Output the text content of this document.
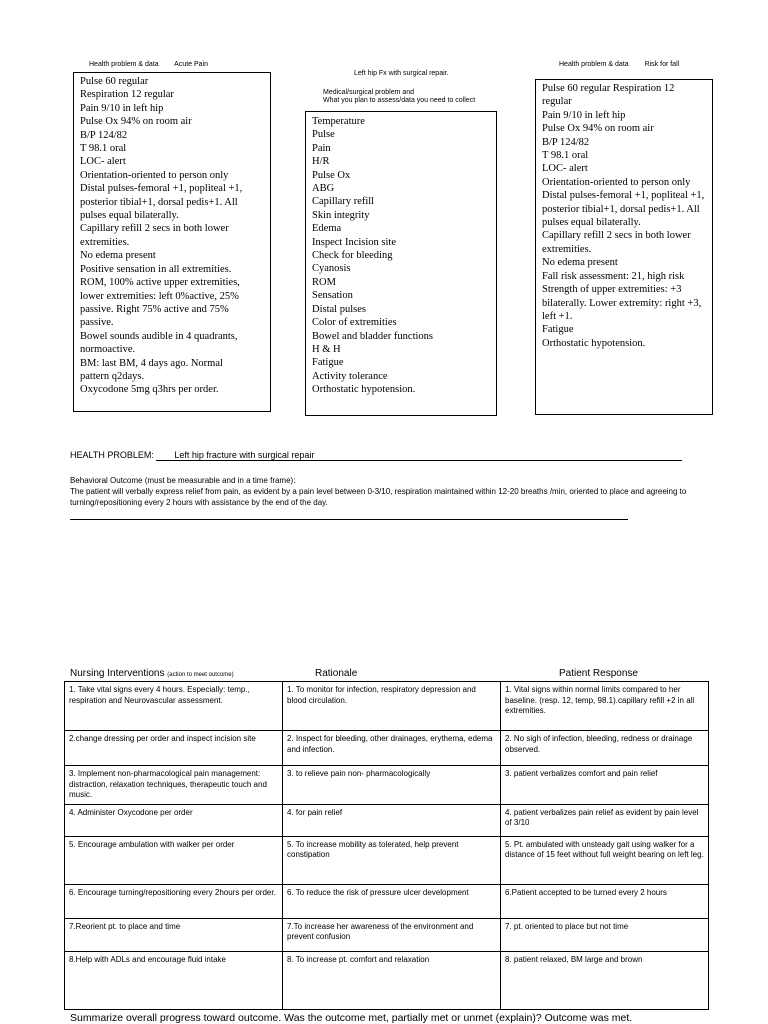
Health problem & data Acute Pain
Left hip Fx with surgical repair.
Medical/surgical problem and
What you plan to assess/data you need to collect
Health problem & data Risk for fall
Pulse 60 regular
Respiration 12 regular
Pain 9/10 in left hip
Pulse Ox 94% on room air
B/P 124/82
T 98.1 oral
LOC- alert
Orientation-oriented to person only
Distal pulses-femoral +1, popliteal +1,
posterior tibial+1, dorsal pedis+1. All
pulses equal bilaterally.
Capillary refill 2 secs in both lower
extremities.
No edema present
Positive sensation in all extremities.
ROM, 100% active upper extremities,
lower extremities: left 0%active, 25%
passive. Right 75% active and 75%
passive.
Bowel sounds audible in 4 quadrants,
normoactive.
BM: last BM, 4 days ago. Normal
pattern q2days.
Oxycodone 5mg q3hrs per order.
Temperature
Pulse
Pain
H/R
Pulse Ox
ABG
Capillary refill
Skin integrity
Edema
Inspect Incision site
Check for bleeding
Cyanosis
ROM
Sensation
Distal pulses
Color of extremities
Bowel and bladder functions
H & H
Fatigue
Activity tolerance
Orthostatic hypotension.
Pulse 60 regular Respiration 12 regular
Pain 9/10 in left hip
Pulse Ox 94% on room air
B/P 124/82
T 98.1 oral
LOC- alert
Orientation-oriented to person only
Distal pulses-femoral +1, popliteal +1, posterior tibial+1, dorsal pedis+1. All pulses equal bilaterally.
Capillary refill 2 secs in both lower extremities.
No edema present
Fall risk assessment: 21, high risk
Strength of upper extremities: +3 bilaterally. Lower extremity: right +3, left +1.
Fatigue
Orthostatic hypotension.
HEALTH PROBLEM: Left hip fracture with surgical repair
Behavioral Outcome (must be measurable and in a time frame):
The patient will verbally express relief from pain, as evident by a pain level between 0-3/10, respiration maintained within 12-20 breaths /min, oriented to place and agreeing to turning/repositioning every 2 hours with assistance by the end of the day.
Nursing Interventions (action to meet outcome)	Rationale	Patient Response
1. Take vital signs every 4 hours. Especially: temp., respiration and Neurovascular assessment.	1. To monitor for infection, respiratory depression and blood circulation.	1. Vital signs within normal limits compared to her baseline. (resp. 12, temp, 98.1).capillary refill +2 in all extremities.
2.change dressing per order and inspect incision site	2. Inspect for bleeding, other drainages, erythema, edema and infection.	2. No sigh of infection, bleeding, redness or drainage observed.
3. Implement non-pharmacological pain management: distraction, relaxation techniques, therapeutic touch and music.	3. to relieve pain non- pharmacologically	3. patient verbalizes comfort and pain relief
4. Administer Oxycodone per order	4. for pain relief	4. patient verbalizes pain relief as evident by pain level of 3/10
5. Encourage ambulation with walker per order	5. To increase mobility as tolerated, help prevent constipation	5. Pt. ambulated with unsteady gait using walker for a distance of 15 feet without full weight bearing on left leg.
6. Encourage turning/repositioning every 2hours per order.	6. To reduce the risk of pressure ulcer development	6.Patient accepted to be turned every 2 hours
7.Reorient pt. to place and time	7.To increase her awareness of the environment and prevent confusion	7. pt. oriented to place but not time
8.Help with ADLs and encourage fluid intake	8. To increase pt. comfort and relaxation	8. patient relaxed, BM large and brown
Summarize overall progress toward outcome. Was the outcome met, partially met or unmet (explain)? Outcome was met.
